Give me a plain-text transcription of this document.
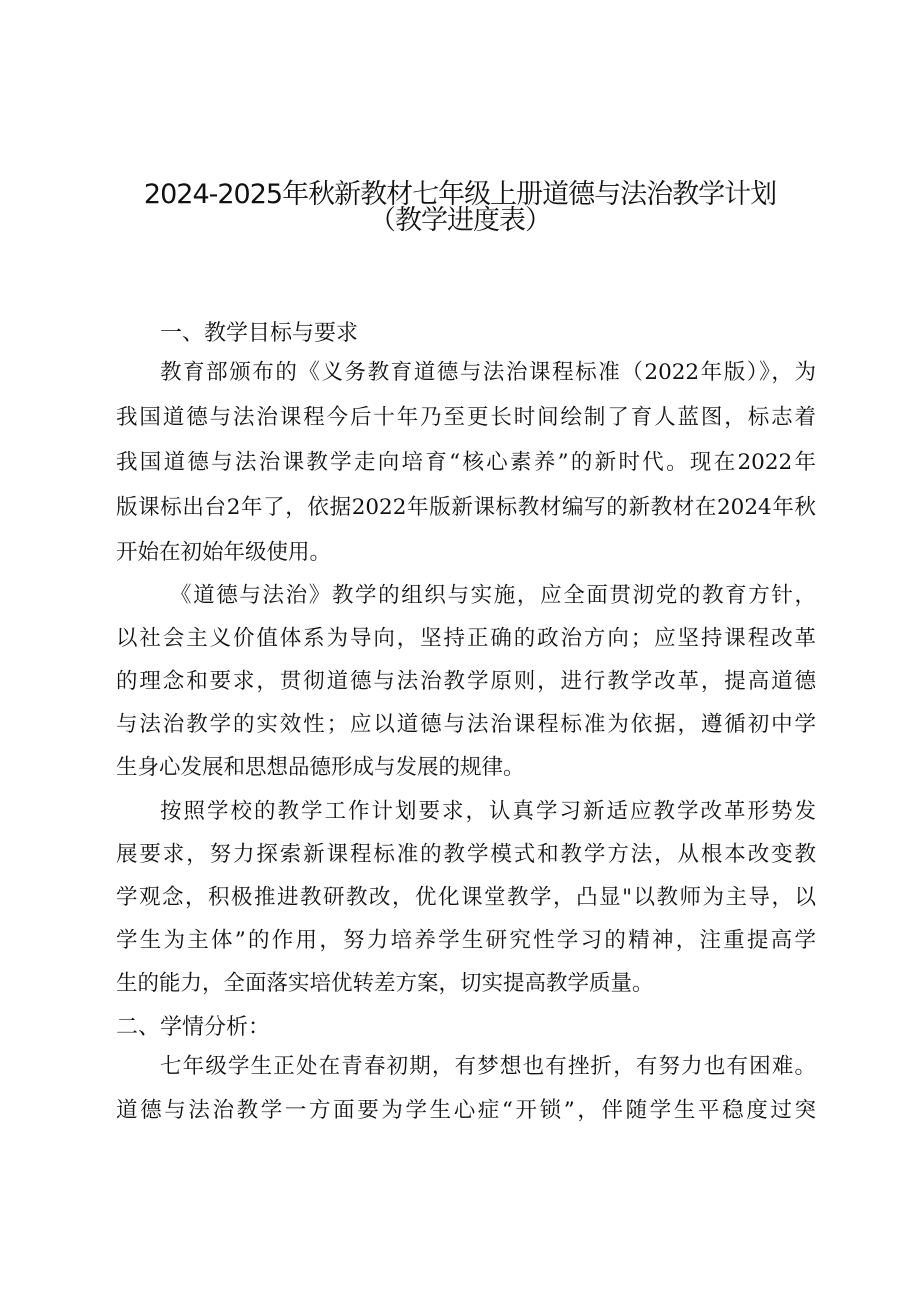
2024-2025年秋新教材七年级上册道德与法治教学计划
（教学进度表）
一、教学目标与要求
教育部颁布的《义务教育道德与法治课程标准（2022年版）》，为
我国道德与法治课程今后十年乃至更长时间绘制了育人蓝图，标志着
我国道德与法治课教学走向培育“核心素养”的新时代。现在2022年
版课标出台2年了，依据2022年版新课标教材编写的新教材在2024年秋
开始在初始年级使用。
《道德与法治》教学的组织与实施，应全面贯沏党的教育方针，
以社会主义价值体系为导向，坚持正确的政治方向；应坚持课程改革
的理念和要求，贯彻道德与法治教学原则，进行教学改革，提高道德
与法治教学的实效性；应以道德与法治课程标准为依据，遵循初中学
生身心发展和思想品德形成与发展的规律。
按照学校的教学工作计划要求，认真学习新适应教学改革形势发
展要求，努力探索新课程标准的教学模式和教学方法，从根本改变教
学观念，积极推进教研教改，优化课堂教学，凸显"以教师为主导，以
学生为主体”的作用，努力培养学生研究性学习的精神，注重提高学
生的能力，全面落实培优转差方案，切实提高教学质量。
二、学情分析：
七年级学生正处在青春初期，有梦想也有挫折，有努力也有困难。
道德与法治教学一方面要为学生心症“开锁”，伴随学生平稳度过突
